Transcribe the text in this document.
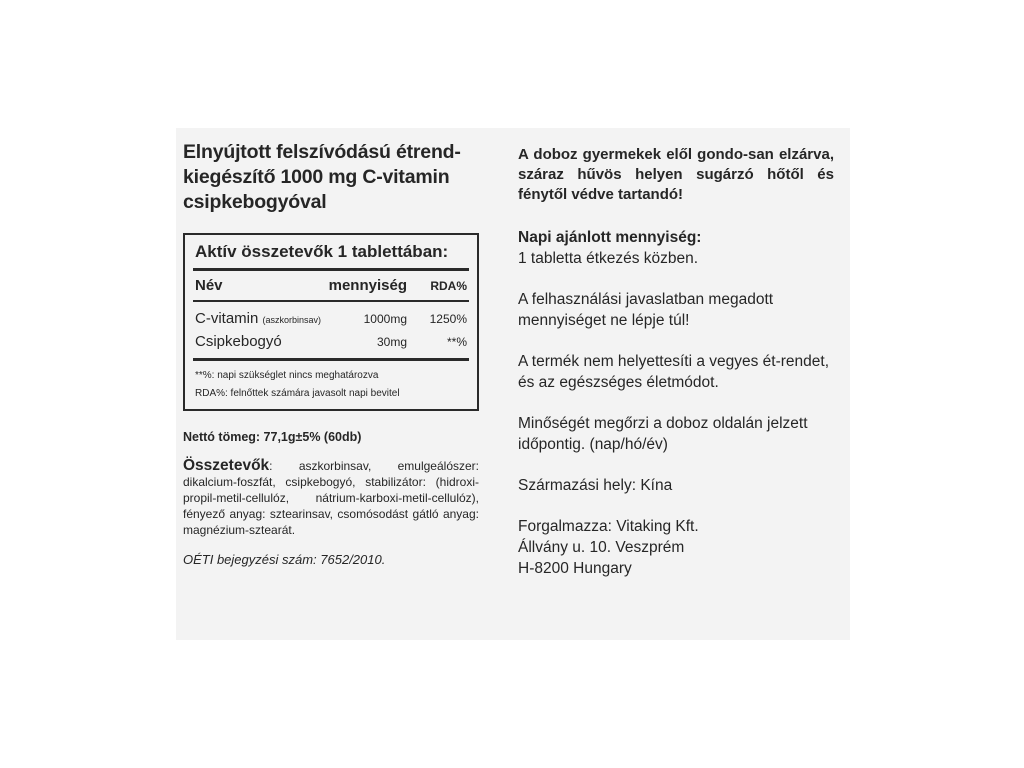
Elnyújtott felszívódású étrend-
kiegészítő 1000 mg C-vitamin
csipkebogyóval
Aktív összetevők 1 tablettában:
Név	mennyiség	RDA%
C-vitamin (aszkorbinsav)	1000mg	1250%
Csipkebogyó	30mg	**%
**%: napi szükséglet nincs meghatározva
RDA%: felnőttek számára javasolt napi bevitel
Nettó tömeg: 77,1g±5% (60db)
Összetevők: aszkorbinsav, emulgeálószer: dikalcium-foszfát, csipkebogyó, stabilizátor: (hidroxi-propil-metil-cellulóz, nátrium-karboxi-metil-cellulóz), fényező anyag: sztearinsav, csomósodást gátló anyag: magnézium-sztearát.
OÉTI bejegyzési szám: 7652/2010.

A doboz gyermekek elől gondo-san elzárva, száraz hűvös helyen sugárzó hőtől és fénytől védve tartandó!

Napi ajánlott mennyiség:

1 tabletta étkezés közben.

A felhasználási javaslatban megadott mennyiséget ne lépje túl!

A termék nem helyettesíti a vegyes ét-rendet, és az egészséges életmódot.

Minőségét megőrzi a doboz oldalán jelzett időpontig. (nap/hó/év)

Származási hely: Kína

Forgalmazza: Vitaking Kft.

Állvány u. 10. Veszprém

H-8200 Hungary
